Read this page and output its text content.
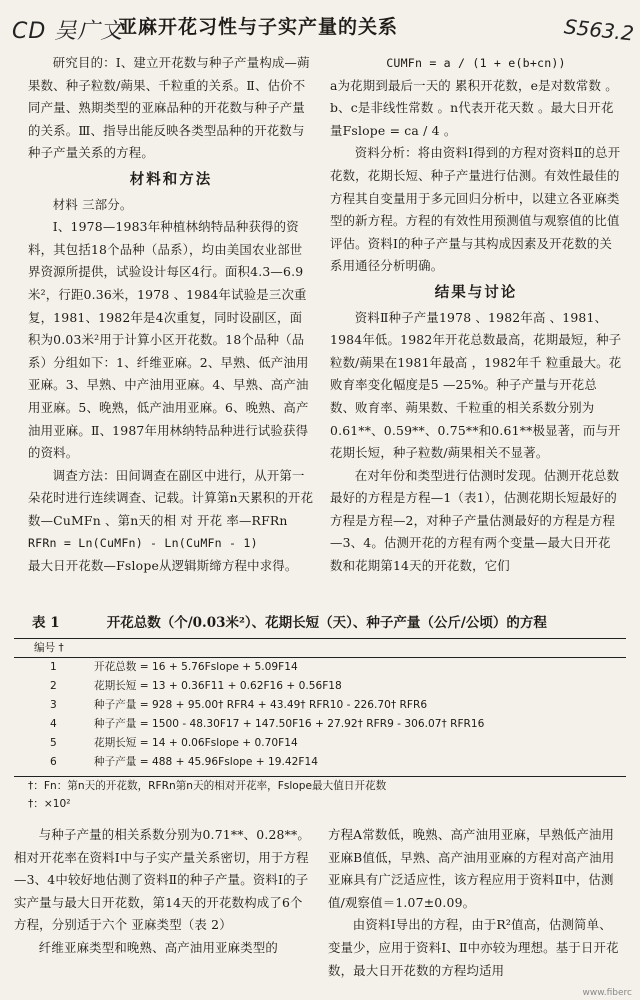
CD 吴广文
亚麻开花习性与子实产量的关系	S563.2

研究目的：Ⅰ、建立开花数与种子产量构成—蒴果数、种子粒数/蒴果、千粒重的关系。Ⅱ、估价不同产量、熟期类型的亚麻品种的开花数与种子产量的关系。Ⅲ、指导出能反映各类型品种的开花数与种子产量关系的方程。

材料和方法

材料 三部分。

Ⅰ、1978—1983年种植林纳特品种获得的资料，其包括18个品种（品系），均由美国农业部世界资源所提供，试验设计每区4行。面积4.3—6.9米²，行距0.36米，1978 、1984年试验是三次重复，1981、1982年是4次重复，同时设副区，面积为0.03米²用于计算小区开花数。18个品种（品系）分组如下：1、纤维亚麻。2、早熟、低产油用亚麻。3、早熟、中产油用亚麻。4、早熟、高产油用亚麻。5、晚熟，低产油用亚麻。6、晚熟、高产油用亚麻。Ⅱ、1987年用林纳特品种进行试验获得的资料。

调查方法：田间调查在副区中进行，从开第一朵花时进行连续调查、记载。计算第n天累积的开花数—CuMFn 、第n天的相 对 开花 率—RFRn

RFRn = Ln(CuMFn) - Ln(CuMFn - 1)

最大日开花数—Fslope从逻辑斯缔方程中求得。

CUMFn = a / (1 + e(b+cn))

a为花期到最后一天的 累积开花数，e是对数常数 。b、c是非线性常数 。n代表开花天数 。最大日开花量Fslope = ca / 4 。

资料分析：将由资料Ⅰ得到的方程对资料Ⅱ的总开花数，花期长短、种子产量进行估测。有效性最佳的方程其自变量用于多元回归分析中，以建立各亚麻类型的新方程。方程的有效性用预测值与观察值的比值评估。资料Ⅰ的种子产量与其构成因素及开花数的关系用通径分析明确。

结果与讨论

资料Ⅱ种子产量1978 、1982年高 、1981、1984年低。1982年开花总数最高，花期最短，种子粒数/蒴果在1981年最高 ，1982年千 粒重最大。花败育率变化幅度是5 —25%。种子产量与开花总数、败育率、蒴果数、千粒重的相关系数分别为0.61**、0.59**、0.75**和0.61**极显著，而与开花期长短，种子粒数/蒴果相关不显著。

在对年份和类型进行估测时发现。估测开花总数最好的方程是方程—1（表1），估测花期长短最好的方程是方程—2，对种子产量估测最好的方程是方程—3、4。估测开花的方程有两个变量—最大日开花数和花期第14天的开花数，它们

表 1	开花总数（个/0.03米²）、花期长短（天）、种子产量（公斤/公顷）的方程
编号 †
1	开花总数 = 16 + 5.76Fslope + 5.09F14
2	花期长短 = 13 + 0.36F11 + 0.62F16 + 0.56F18
3	种子产量 = 928 + 95.00† RFR4 + 43.49† RFR10 - 226.70† RFR6
4	种子产量 = 1500 - 48.30F17 + 147.50F16 + 27.92† RFR9 - 306.07† RFR16
5	花期长短 = 14 + 0.06Fslope + 0.70F14
6	种子产量 = 488 + 45.96Fslope + 19.42F14
†：Fn：第n天的开花数，RFRn第n天的相对开花率，Fslope最大值日开花数
†：×10²

与种子产量的相关系数分别为0.71**、0.28**。相对开花率在资料Ⅰ中与子实产量关系密切，用于方程—3、4中较好地估测了资料Ⅱ的种子产量。资料Ⅰ的子实产量与最大日开花数，第14天的开花数构成了6个方程，分别适于六个 亚麻类型（表 2）

纤维亚麻类型和晚熟、高产油用亚麻类型的

方程A常数低，晚熟、高产油用亚麻，早熟低产油用亚麻B值低，早熟、高产油用亚麻的方程对高产油用亚麻具有广泛适应性，该方程应用于资料Ⅱ中，估测值/观察值＝1.07±0.09。

由资料Ⅰ导出的方程，由于R²值高，估测简单、变量少，应用于资料Ⅰ、Ⅱ中亦较为理想。基于日开花数，最大日开花数的方程均适用

www.fiberc
